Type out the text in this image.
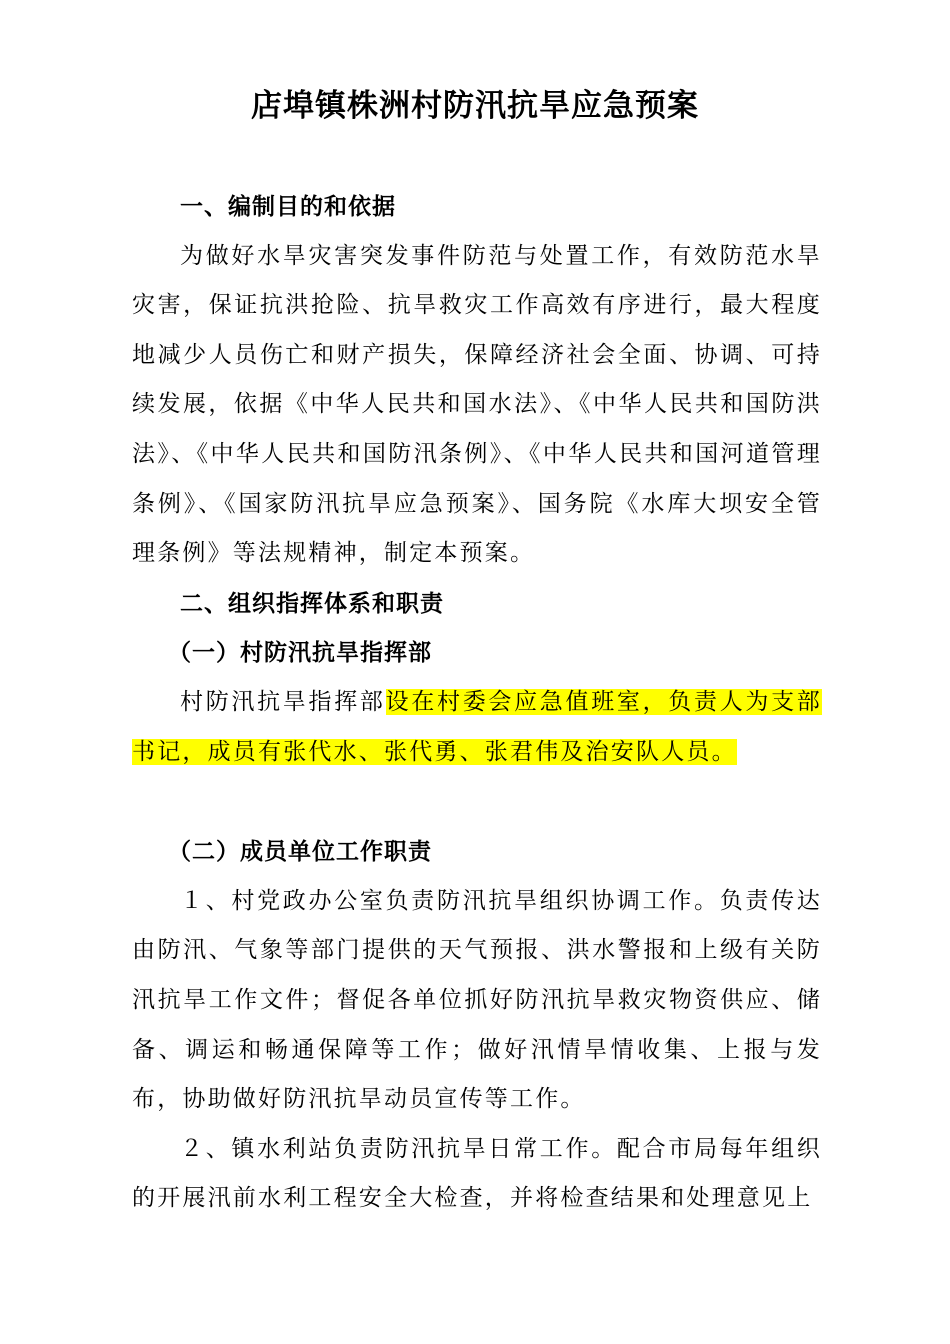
店埠镇株洲村防汛抗旱应急预案

一、编制目的和依据

为做好水旱灾害突发事件防范与处置工作，有效防范水旱灾害，保证抗洪抢险、抗旱救灾工作高效有序进行，最大程度地减少人员伤亡和财产损失，保障经济社会全面、协调、可持续发展，依据《中华人民共和国水法》、《中华人民共和国防洪法》、《中华人民共和国防汛条例》、《中华人民共和国河道管理条例》、《国家防汛抗旱应急预案》、国务院《水库大坝安全管理条例》等法规精神，制定本预案。

二、组织指挥体系和职责

（一）村防汛抗旱指挥部

村防汛抗旱指挥部设在村委会应急值班室，负责人为支部书记，成员有张代水、张代勇、张君伟及治安队人员。

（二）成员单位工作职责

１、村党政办公室负责防汛抗旱组织协调工作。负责传达由防汛、气象等部门提供的天气预报、洪水警报和上级有关防汛抗旱工作文件；督促各单位抓好防汛抗旱救灾物资供应、储备、调运和畅通保障等工作；做好汛情旱情收集、上报与发布，协助做好防汛抗旱动员宣传等工作。

２、镇水利站负责防汛抗旱日常工作。配合市局每年组织的开展汛前水利工程安全大检查，并将检查结果和处理意见上
